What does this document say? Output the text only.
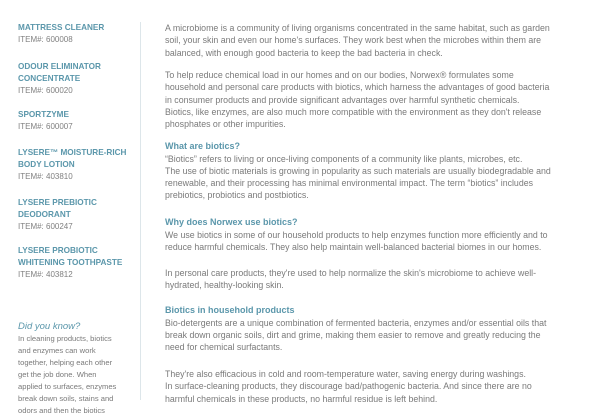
MATTRESS CLEANER
ITEM#: 600008
ODOUR ELIMINATOR
CONCENTRATE
ITEM#: 600020
SPORTZYME
ITEM#: 600007
LYSERE™ MOISTURE-RICH
BODY LOTION
ITEM#: 403810
LYSERE PREBIOTIC
DEODORANT
ITEM#: 600247
LYSERE PROBIOTIC
WHITENING TOOTHPASTE
ITEM#: 403812
Did you know?
In cleaning products, biotics
and enzymes can work
together, helping each other
get the job done. When
applied to surfaces, enzymes
break down soils, stains and
odors and then the biotics
A microbiome is a community of living organisms concentrated in the same habitat, such as garden
soil, your skin and even our home's surfaces. They work best when the microbes within them are
balanced, with enough good bacteria to keep the bad bacteria in check.
To help reduce chemical load in our homes and on our bodies, Norwex® formulates some
household and personal care products with biotics, which harness the advantages of good bacteria
in consumer products and provide significant advantages over harmful synthetic chemicals.
Biotics, like enzymes, are also much more compatible with the environment as they don't release
phosphates or other impurities.
What are biotics?
“Biotics” refers to living or once-living components of a community like plants, microbes, etc.
The use of biotic materials is growing in popularity as such materials are usually biodegradable and
renewable, and their processing has minimal environmental impact. The term “biotics” includes
prebiotics, probiotics and postbiotics.
Why does Norwex use biotics?
We use biotics in some of our household products to help enzymes function more efficiently and to
reduce harmful chemicals. They also help maintain well-balanced bacterial biomes in our homes.
In personal care products, they're used to help normalize the skin's microbiome to achieve well-
hydrated, healthy-looking skin.
Biotics in household products
Bio-detergents are a unique combination of fermented bacteria, enzymes and/or essential oils that
break down organic soils, dirt and grime, making them easier to remove and greatly reducing the
need for chemical surfactants.
They're also efficacious in cold and room-temperature water, saving energy during washings.
In surface-cleaning products, they discourage bad/pathogenic bacteria. And since there are no
harmful chemicals in these products, no harmful residue is left behind.
